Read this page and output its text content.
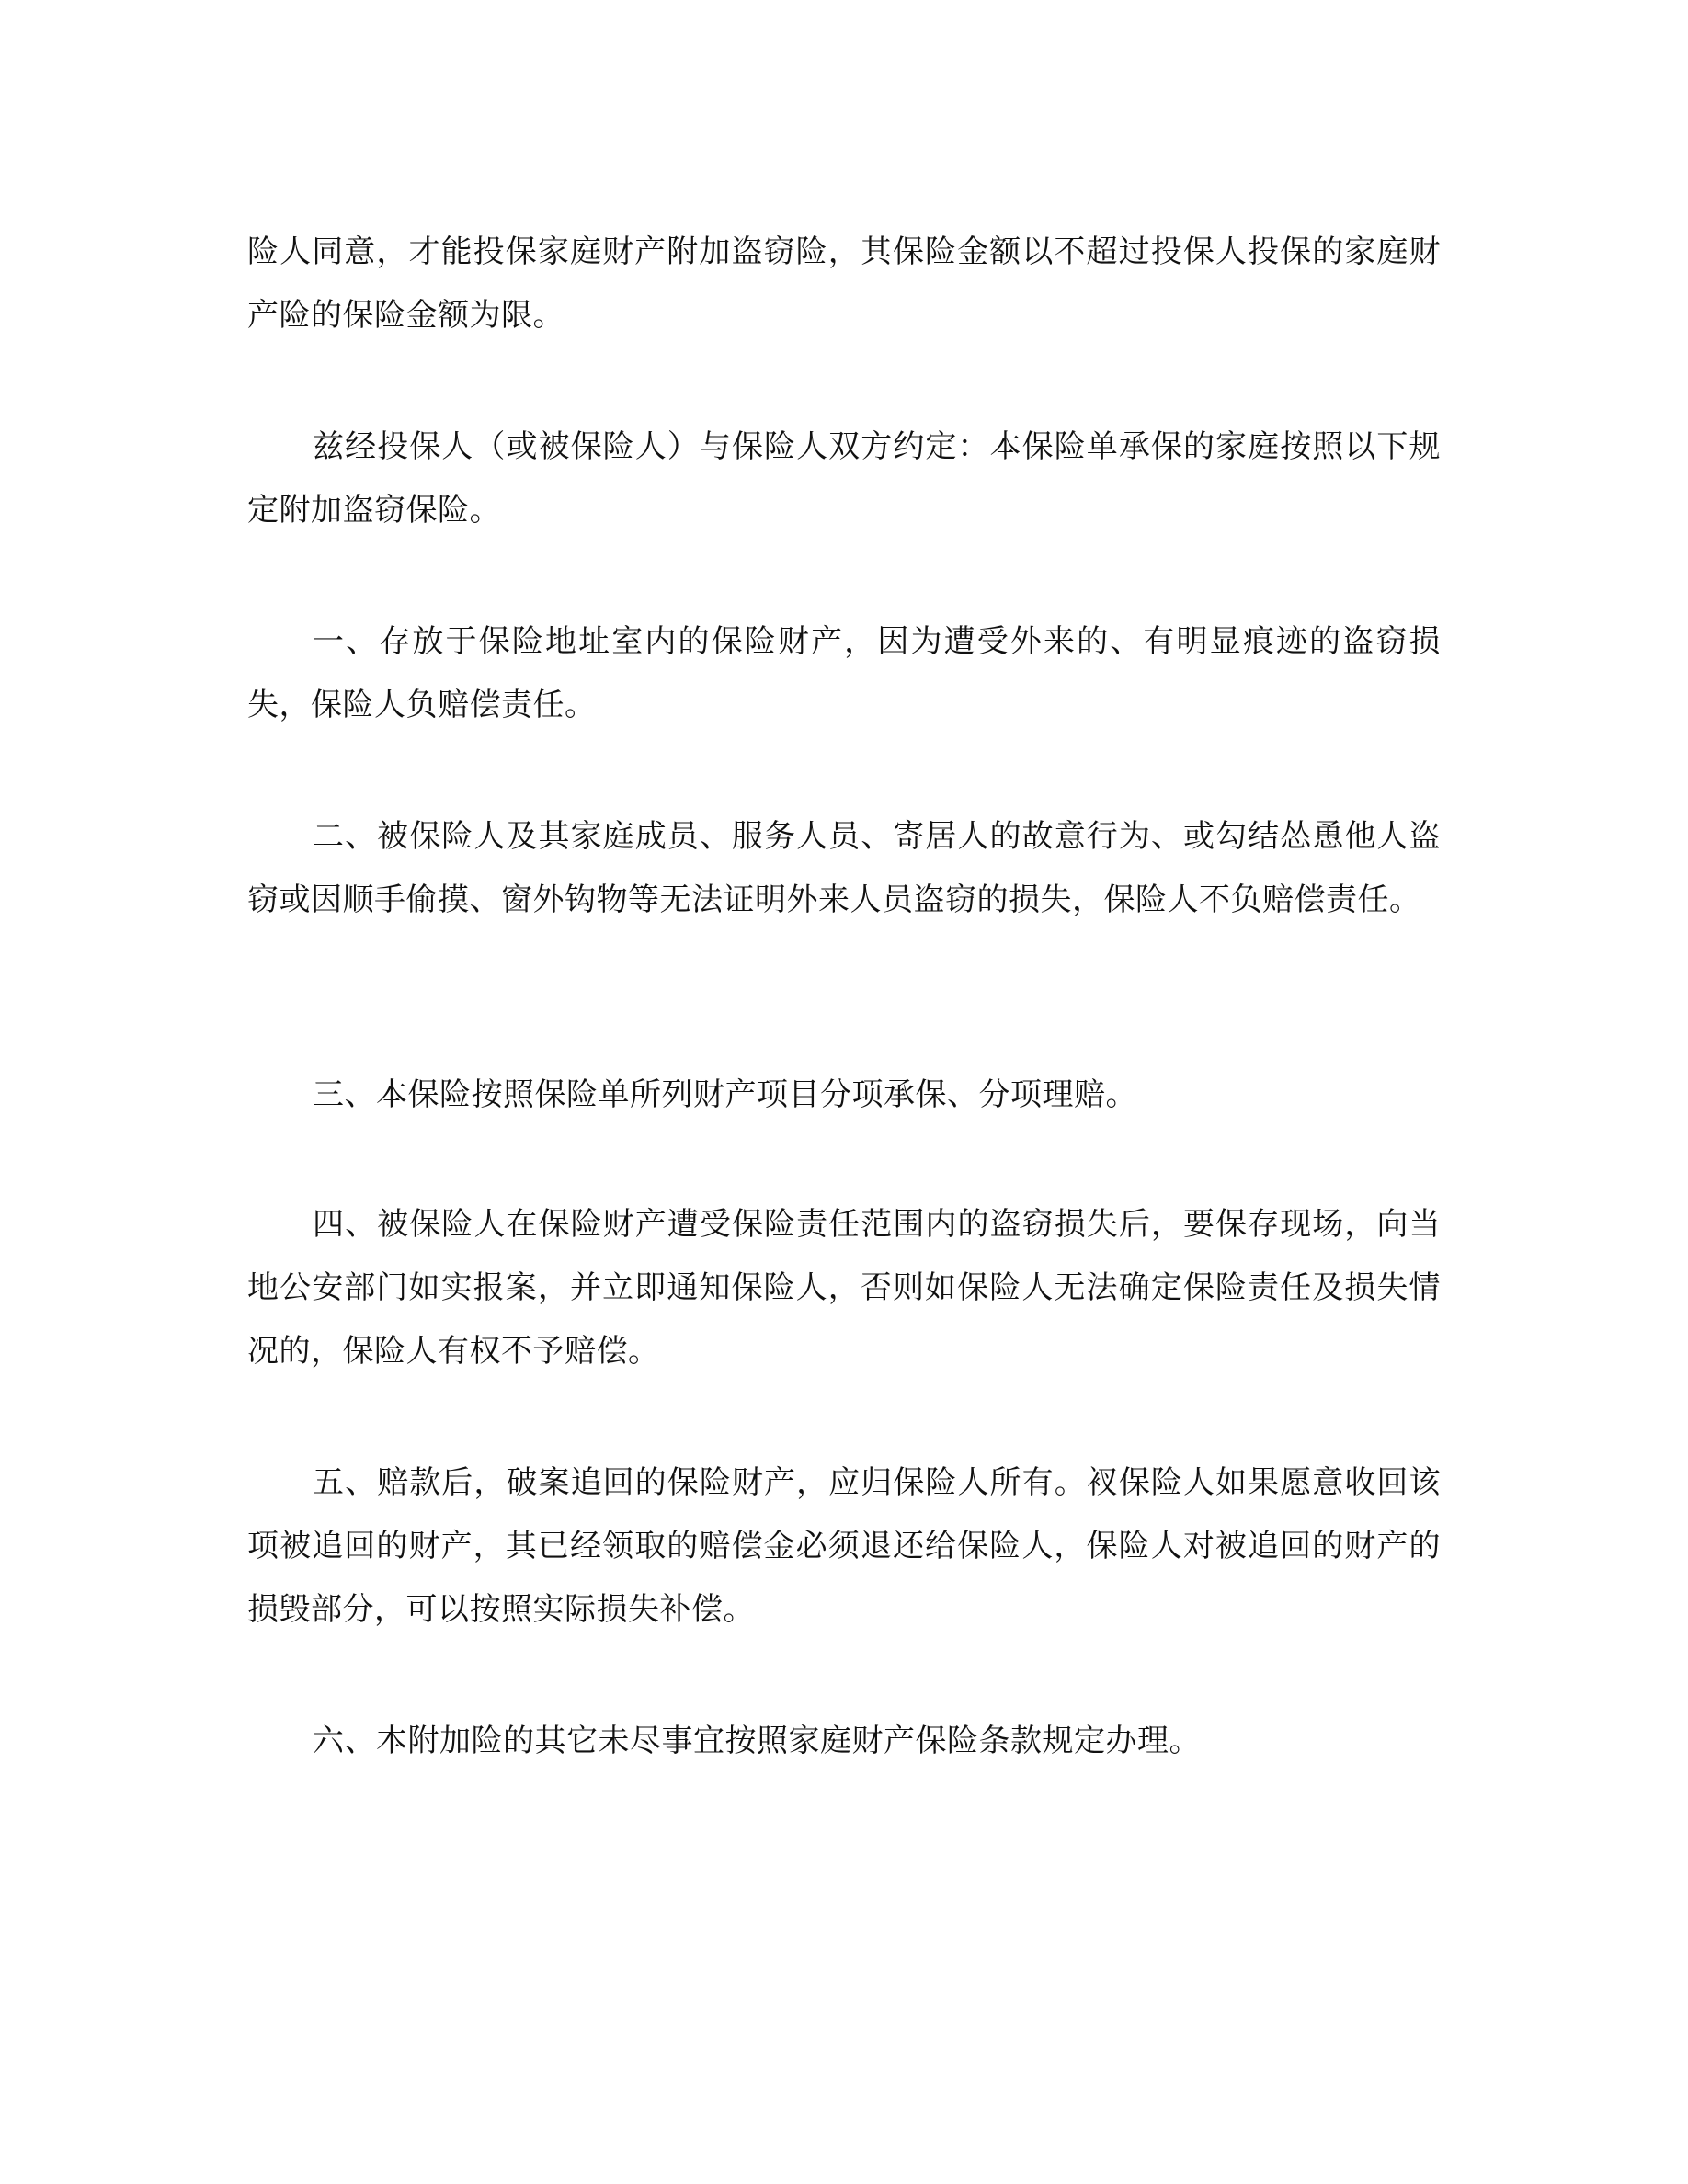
险人同意，才能投保家庭财产附加盗窃险，其保险金额以不超过投保人投保的家庭财产险的保险金额为限。

兹经投保人（或被保险人）与保险人双方约定：本保险单承保的家庭按照以下规定附加盗窃保险。

一、存放于保险地址室内的保险财产，因为遭受外来的、有明显痕迹的盗窃损失，保险人负赔偿责任。

二、被保险人及其家庭成员、服务人员、寄居人的故意行为、或勾结怂恿他人盗窃或因顺手偷摸、窗外钩物等无法证明外来人员盗窃的损失，保险人不负赔偿责任。

三、本保险按照保险单所列财产项目分项承保、分项理赔。

四、被保险人在保险财产遭受保险责任范围内的盗窃损失后，要保存现场，向当地公安部门如实报案，并立即通知保险人，否则如保险人无法确定保险责任及损失情况的，保险人有权不予赔偿。

五、赔款后，破案追回的保险财产，应归保险人所有。衩保险人如果愿意收回该项被追回的财产，其已经领取的赔偿金必须退还给保险人，保险人对被追回的财产的损毁部分，可以按照实际损失补偿。

六、本附加险的其它未尽事宜按照家庭财产保险条款规定办理。
